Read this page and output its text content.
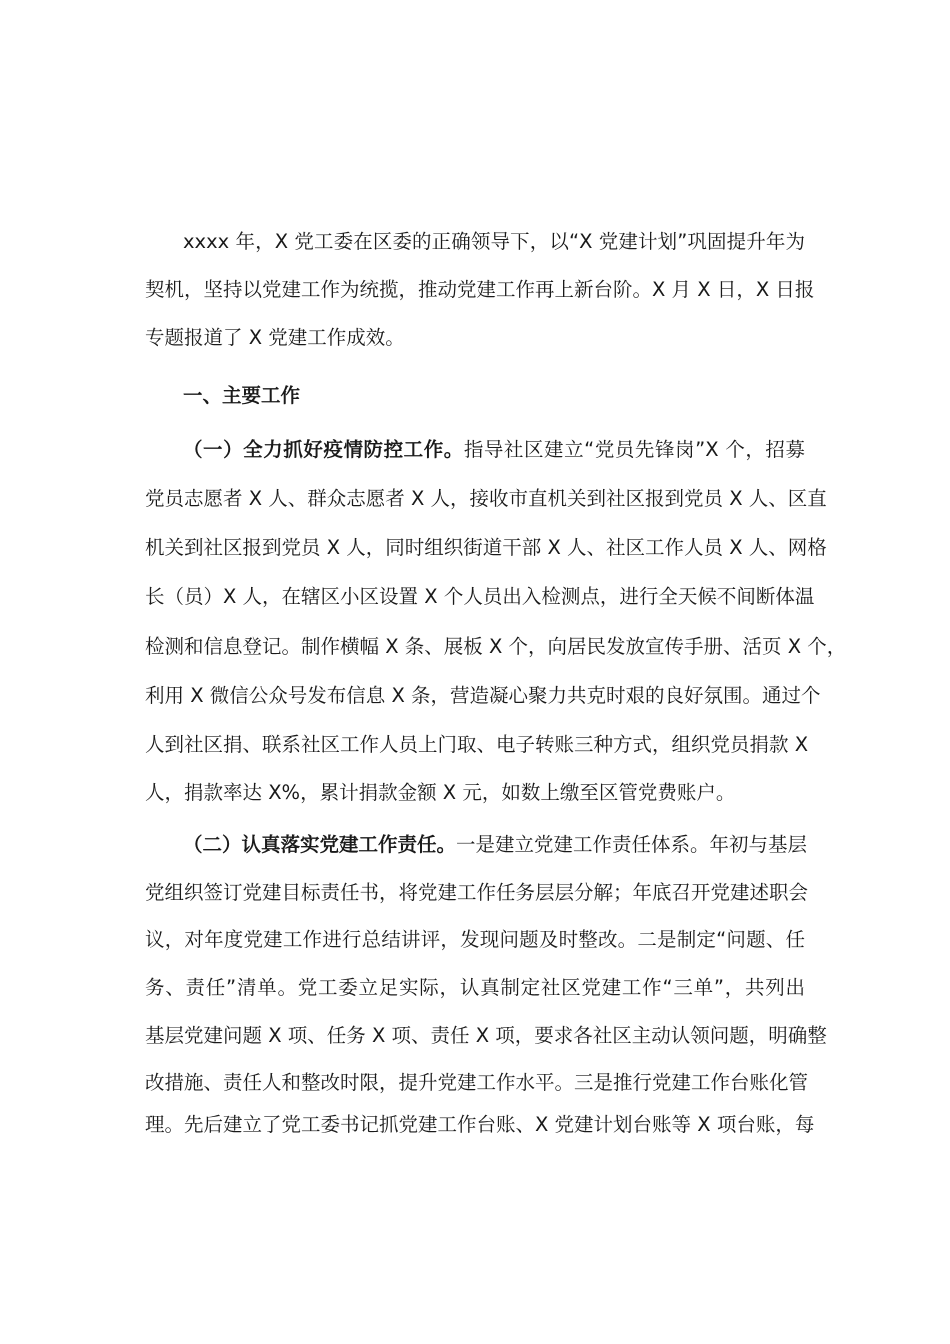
xxxx 年，X 党工委在区委的正确领导下，以“X 党建计划”巩固提升年为
契机，坚持以党建工作为统揽，推动党建工作再上新台阶。X 月 X 日，X 日报
专题报道了 X 党建工作成效。
一、主要工作
（一）全力抓好疫情防控工作。指导社区建立“党员先锋岗”X 个，招募
党员志愿者 X 人、群众志愿者 X 人，接收市直机关到社区报到党员 X 人、区直
机关到社区报到党员 X 人，同时组织街道干部 X 人、社区工作人员 X 人、网格
长（员）X 人，在辖区小区设置 X 个人员出入检测点，进行全天候不间断体温
检测和信息登记。制作横幅 X 条、展板 X 个，向居民发放宣传手册、活页 X 个，
利用 X 微信公众号发布信息 X 条，营造凝心聚力共克时艰的良好氛围。通过个
人到社区捐、联系社区工作人员上门取、电子转账三种方式，组织党员捐款 X
人，捐款率达 X%，累计捐款金额 X 元，如数上缴至区管党费账户。
（二）认真落实党建工作责任。一是建立党建工作责任体系。年初与基层
党组织签订党建目标责任书，将党建工作任务层层分解；年底召开党建述职会
议，对年度党建工作进行总结讲评，发现问题及时整改。二是制定“问题、任
务、责任”清单。党工委立足实际，认真制定社区党建工作“三单”，共列出
基层党建问题 X 项、任务 X 项、责任 X 项，要求各社区主动认领问题，明确整
改措施、责任人和整改时限，提升党建工作水平。三是推行党建工作台账化管
理。先后建立了党工委书记抓党建工作台账、X 党建计划台账等 X 项台账，每
